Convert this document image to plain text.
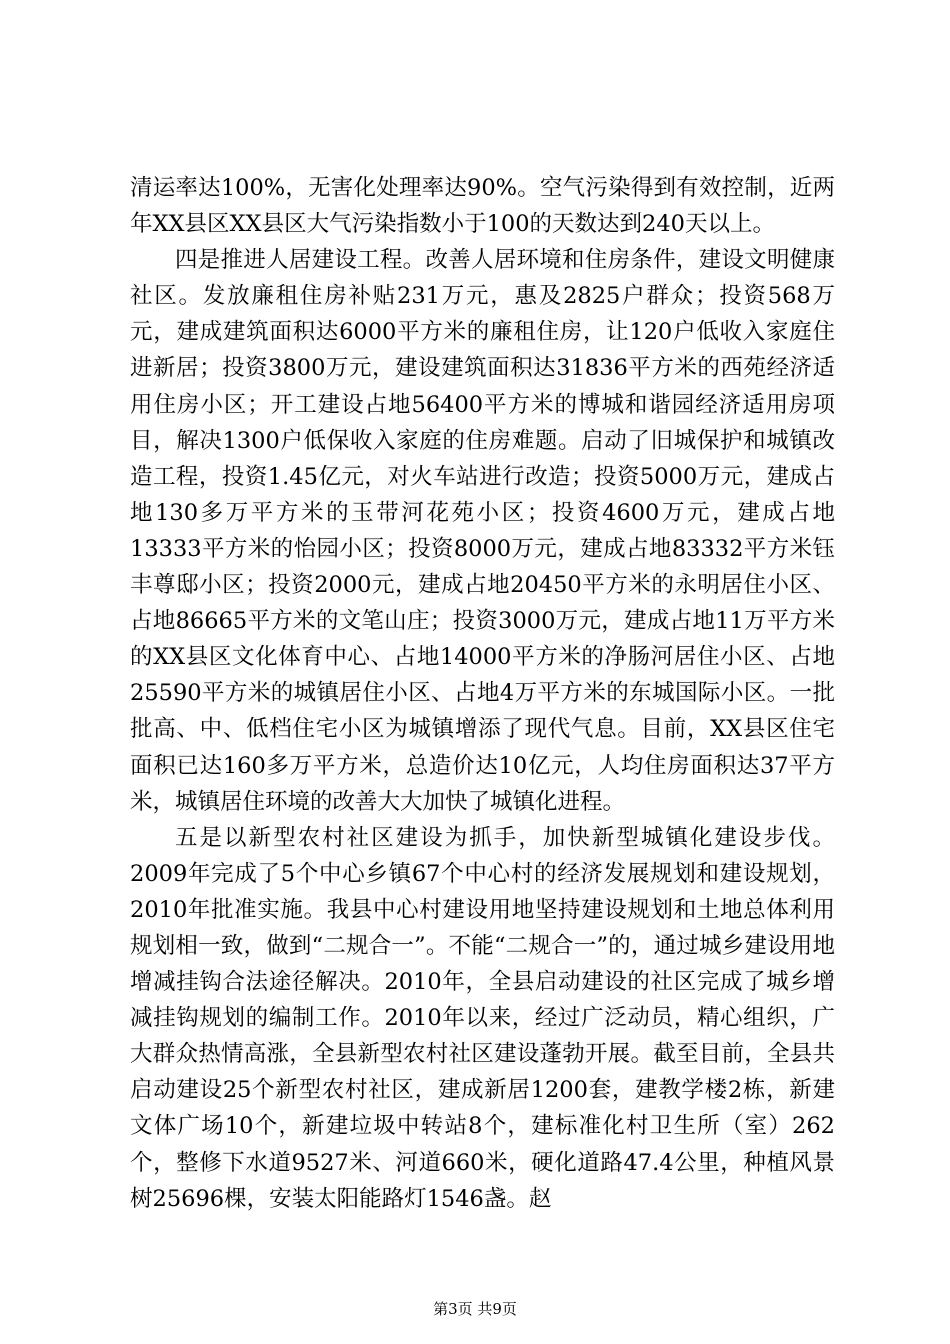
清运率达100%，无害化处理率达90%。空气污染得到有效控制，近两年XX县区XX县区大气污染指数小于100的天数达到240天以上。

四是推进人居建设工程。改善人居环境和住房条件，建设文明健康社区。发放廉租住房补贴231万元，惠及2825户群众；投资568万元，建成建筑面积达6000平方米的廉租住房，让120户低收入家庭住进新居；投资3800万元，建设建筑面积达31836平方米的西苑经济适用住房小区；开工建设占地56400平方米的博城和谐园经济适用房项目，解决1300户低保收入家庭的住房难题。启动了旧城保护和城镇改造工程，投资1.45亿元，对火车站进行改造；投资5000万元，建成占地130多万平方米的玉带河花苑小区；投资4600万元，建成占地13333平方米的怡园小区；投资8000万元，建成占地83332平方米钰丰尊邸小区；投资2000元，建成占地20450平方米的永明居住小区、占地86665平方米的文笔山庄；投资3000万元，建成占地11万平方米的XX县区文化体育中心、占地14000平方米的净肠河居住小区、占地25590平方米的城镇居住小区、占地4万平方米的东城国际小区。一批批高、中、低档住宅小区为城镇增添了现代气息。目前，XX县区住宅面积已达160多万平方米，总造价达10亿元，人均住房面积达37平方米，城镇居住环境的改善大大加快了城镇化进程。

五是以新型农村社区建设为抓手，加快新型城镇化建设步伐。2009年完成了5个中心乡镇67个中心村的经济发展规划和建设规划，2010年批准实施。我县中心村建设用地坚持建设规划和土地总体利用规划相一致，做到“二规合一”。不能“二规合一”的，通过城乡建设用地增减挂钩合法途径解决。2010年，全县启动建设的社区完成了城乡增减挂钩规划的编制工作。2010年以来，经过广泛动员，精心组织，广大群众热情高涨，全县新型农村社区建设蓬勃开展。截至目前，全县共启动建设25个新型农村社区，建成新居1200套，建教学楼2栋，新建文体广场10个，新建垃圾中转站8个，建标准化村卫生所（室）262个，整修下水道9527米、河道660米，硬化道路47.4公里，种植风景树25696棵，安装太阳能路灯1546盏。赵

第3页 共9页
